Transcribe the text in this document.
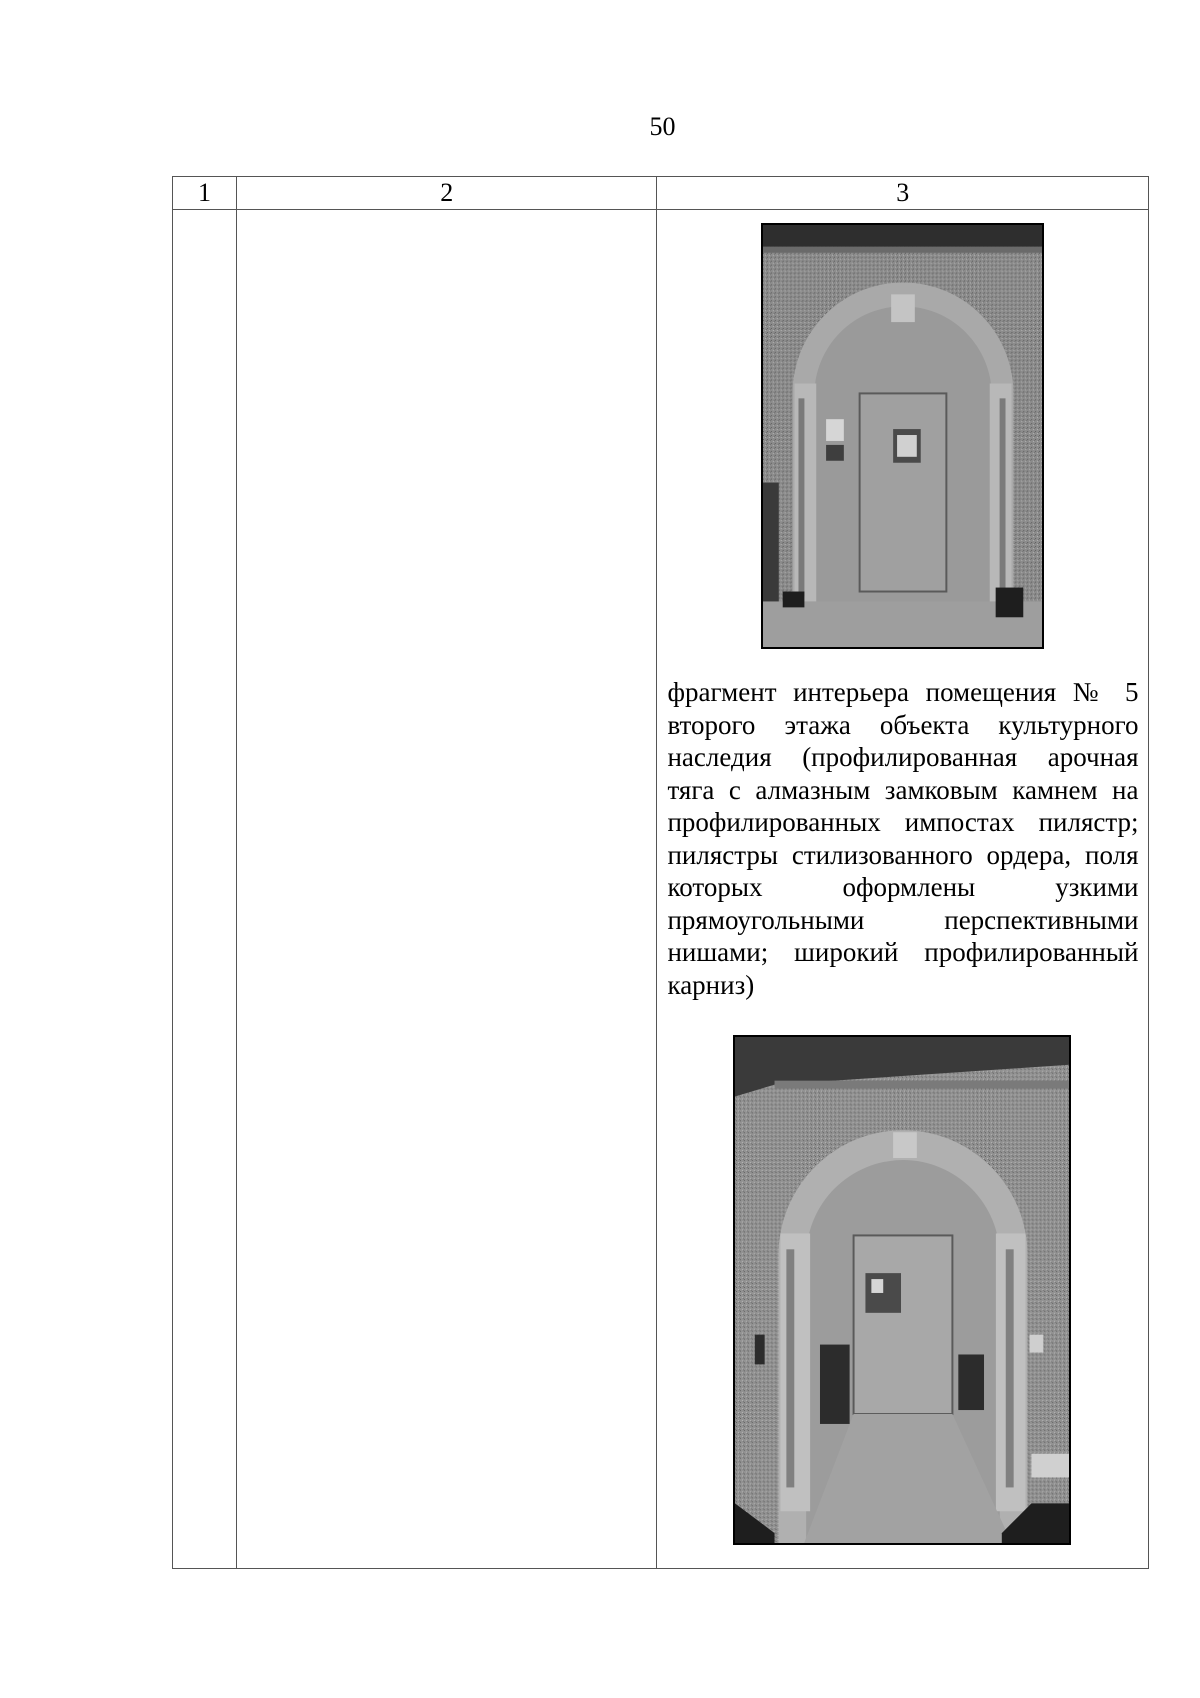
50
1	2	3

		фрагмент интерьера помещения № 5 второго этажа объекта культурного наследия (профилированная арочная тяга с алмазным замковым камнем на профилированных импостах пилястр; пилястры стилизованного ордера, поля которых оформлены узкими прямоугольными перспективными нишами; широкий профилированный карниз)
